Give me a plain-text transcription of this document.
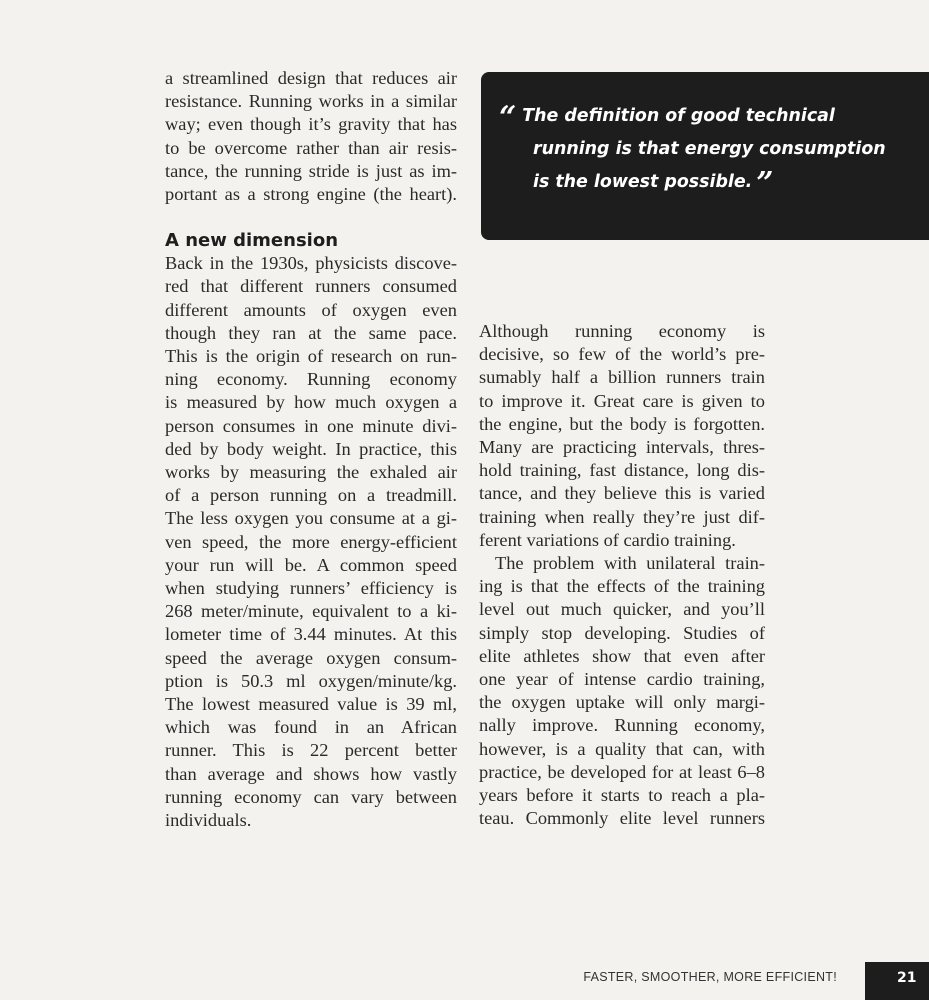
a streamlined design that reduces air
resistance. Running works in a similar
way; even though it’s gravity that has
to be overcome rather than air resis-
tance, the running stride is just as im-
portant as a strong engine (the heart).

A new dimension

Back in the 1930s, physicists discove-
red that different runners consumed
different amounts of oxygen even
though they ran at the same pace.
This is the origin of research on run-
ning economy. Running economy
is measured by how much oxygen a
person consumes in one minute divi-
ded by body weight. In practice, this
works by measuring the exhaled air
of a person running on a treadmill.
The less oxygen you consume at a gi-
ven speed, the more energy-efficient
your run will be. A common speed
when studying runners’ efficiency is
268 meter/minute, equivalent to a ki-
lometer time of 3.44 minutes. At this
speed the average oxygen consum-
ption is 50.3 ml oxygen/minute/kg.
The lowest measured value is 39 ml,
which was found in an African
runner. This is 22 percent better
than average and shows how vastly
running economy can vary between
individuals.

“ The definition of good technical
running is that energy consumption
is the lowest possible. ”

Although running economy is
decisive, so few of the world’s pre-
sumably half a billion runners train
to improve it. Great care is given to
the engine, but the body is forgotten.
Many are practicing intervals, thres-
hold training, fast distance, long dis-
tance, and they believe this is varied
training when really they’re just dif-
ferent variations of cardio training.

The problem with unilateral train-
ing is that the effects of the training
level out much quicker, and you’ll
simply stop developing. Studies of
elite athletes show that even after
one year of intense cardio training,
the oxygen uptake will only margi-
nally improve. Running economy,
however, is a quality that can, with
practice, be developed for at least 6–8
years before it starts to reach a pla-
teau. Commonly elite level runners

FASTER, SMOOTHER, MORE EFFICIENT!	21
